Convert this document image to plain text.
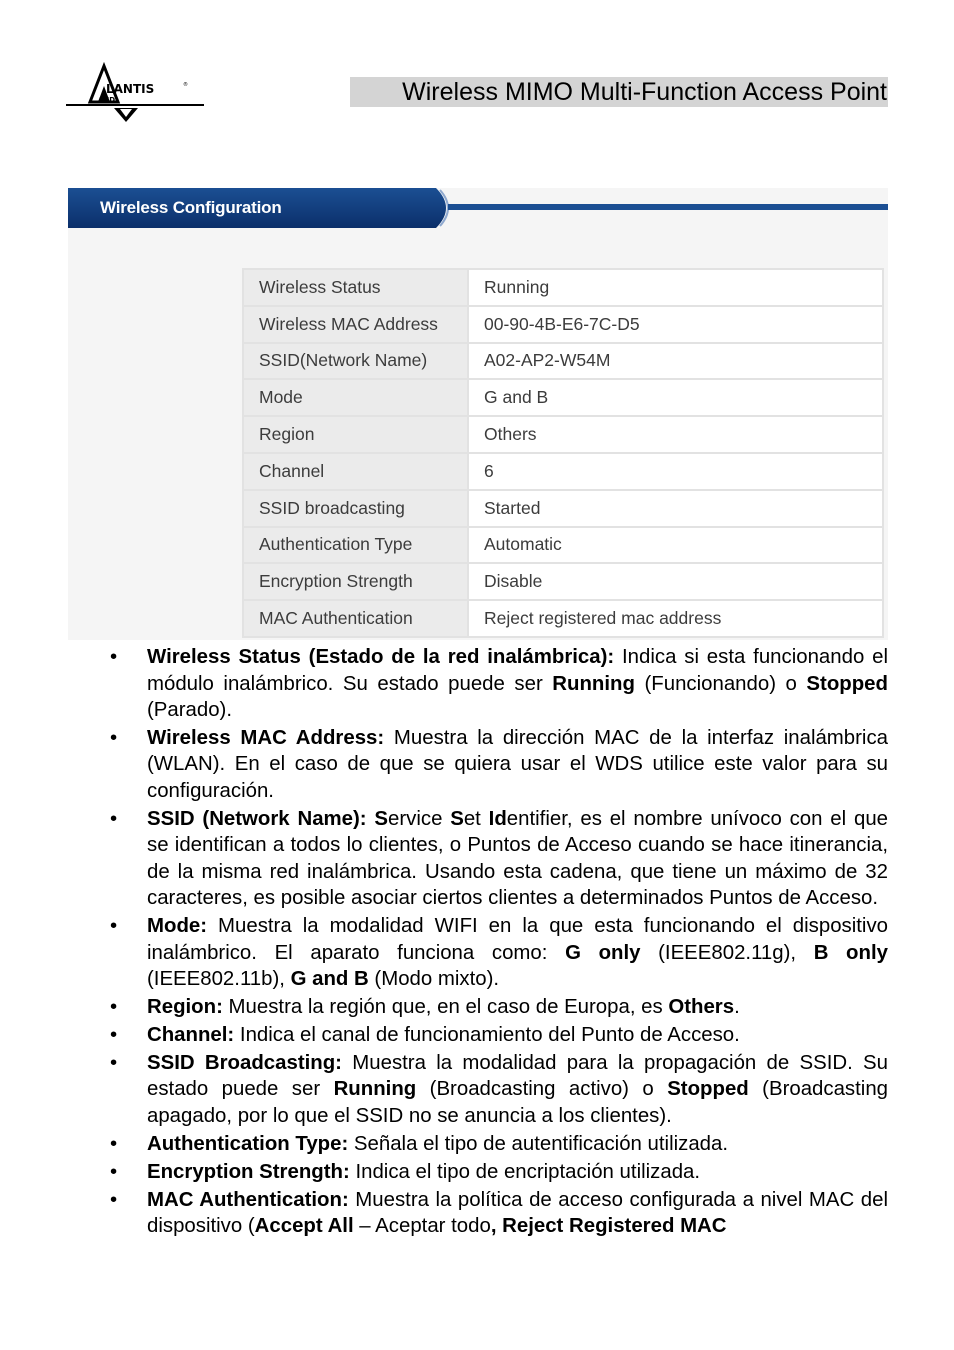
LANTIS
AND
®	Wireless MIMO Multi-Function Access Point
Wireless Configuration
Wireless Status	Running
Wireless MAC Address	00-90-4B-E6-7C-D5
SSID(Network Name)	A02-AP2-W54M
Mode	G and B
Region	Others
Channel	6
SSID broadcasting	Started
Authentication Type	Automatic
Encryption Strength	Disable
MAC Authentication	Reject registered mac address
• Wireless Status (Estado de la red inalámbrica): Indica si esta funcionando el módulo inalámbrico. Su estado puede ser Running (Funcionando) o Stopped (Parado).
• Wireless MAC Address: Muestra la dirección MAC de la interfaz inalámbrica (WLAN). En el caso de que se quiera usar el WDS utilice este valor para su configuración.
• SSID (Network Name): Service Set Identifier, es el nombre unívoco con el que se identifican a todos lo clientes, o Puntos de Acceso cuando se hace itinerancia, de la misma red inalámbrica. Usando esta cadena, que tiene un máximo de 32 caracteres, es posible asociar ciertos clientes a determinados Puntos de Acceso.
• Mode: Muestra la modalidad WIFI en la que esta funcionando el dispositivo inalámbrico. El aparato funciona como: G only (IEEE802.11g), B only (IEEE802.11b), G and B (Modo mixto).
• Region: Muestra la región que, en el caso de Europa, es Others.
• Channel: Indica el canal de funcionamiento del Punto de Acceso.
• SSID Broadcasting: Muestra la modalidad para la propagación de SSID. Su estado puede ser Running (Broadcasting activo) o Stopped (Broadcasting apagado, por lo que el SSID no se anuncia a los clientes).
• Authentication Type: Señala el tipo de autentificación utilizada.
• Encryption Strength: Indica el tipo de encriptación utilizada.
• MAC Authentication: Muestra la política de acceso configurada a nivel MAC del dispositivo (Accept All – Aceptar todo, Reject Registered MAC
